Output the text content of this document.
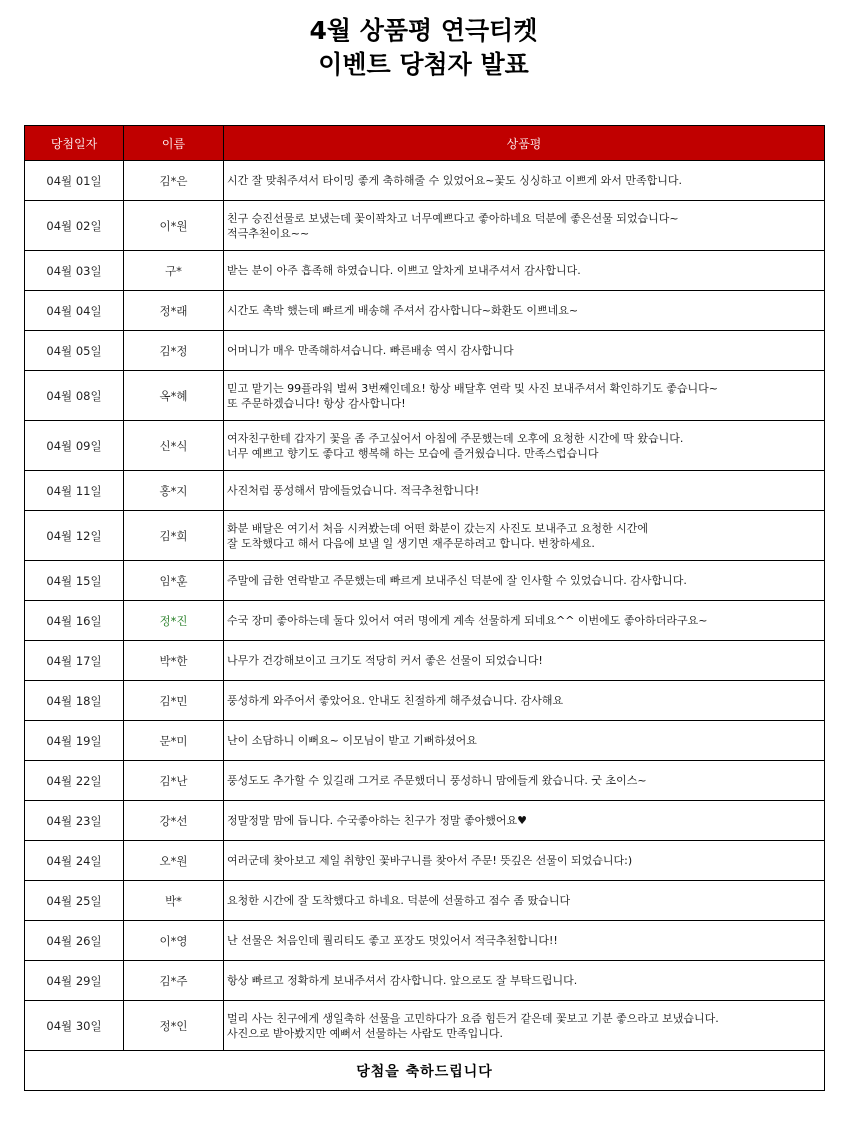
4월 상품평 연극티켓
이벤트 당첨자 발표
당첨일자	이름	상품평
04월 01일	김*은	시간 잘 맞춰주셔서 타이밍 좋게 축하해줄 수 있었어요~꽃도 싱싱하고 이쁘게 와서 만족합니다.

04월 02일	이*원	친구 승진선물로 보냈는데 꽃이꽉차고 너무예쁘다고 좋아하네요 덕분에 좋은선물 되었습니다~
적극추천이요~~

04월 03일	구*	받는 분이 아주 흡족해 하였습니다. 이쁘고 알차게 보내주셔서 감사합니다.

04월 04일	정*래	시간도 촉박 했는데 빠르게 배송해 주셔서 감사합니다~화환도 이쁘네요~

04월 05일	김*정	어머니가 매우 만족해하셔습니다. 빠른배송 역시 감사합니다

04월 08일	옥*혜	믿고 맡기는 99플라워 벌써 3번째인데요! 항상 배달후 연락 및 사진 보내주셔서 확인하기도 좋습니다~
또 주문하겠습니다! 항상 감사합니다!

04월 09일	신*식	여자친구한테 갑자기 꽃을 좀 주고싶어서 아침에 주문했는데 오후에 요청한 시간에 딱 왔습니다.
너무 예쁘고 향기도 좋다고 행복해 하는 모습에 즐거웠습니다. 만족스럽습니다

04월 11일	홍*지	사진처럼 풍성해서 맘에들었습니다. 적극추천합니다!

04월 12일	김*희	화분 배달은 여기서 처음 시켜봤는데 어떤 화분이 갔는지 사진도 보내주고 요청한 시간에
잘 도착했다고 해서 다음에 보낼 일 생기면 재주문하려고 합니다. 번창하세요.

04월 15일	임*훈	주말에 급한 연락받고 주문했는데 빠르게 보내주신 덕분에 잘 인사할 수 있었습니다. 감사합니다.

04월 16일	정*진	수국 장미 좋아하는데 둘다 있어서 여러 명에게 계속 선물하게 되네요^^ 이번에도 좋아하더라구요~

04월 17일	박*한	나무가 건강해보이고 크기도 적당히 커서 좋은 선물이 되었습니다!

04월 18일	김*민	풍성하게 와주어서 좋았어요. 안내도 친절하게 해주셨습니다. 감사해요

04월 19일	문*미	난이 소담하니 이뻐요~ 이모님이 받고 기뻐하셨어요

04월 22일	김*난	풍성도도 추가할 수 있길래 그거로 주문했더니 풍성하니 맘에들게 왔습니다. 굿 초이스~

04월 23일	강*선	정말정말 맘에 듭니다. 수국좋아하는 친구가 정말 좋아했어요♥

04월 24일	오*원	여러군데 찾아보고 제일 취향인 꽃바구니를 찾아서 주문! 뜻깊은 선물이 되었습니다:)

04월 25일	박*	요청한 시간에 잘 도착했다고 하네요. 덕분에 선물하고 점수 좀 땄습니다

04월 26일	이*영	난 선물은 처음인데 퀄리티도 좋고 포장도 멋있어서 적극추천합니다!!

04월 29일	김*주	항상 빠르고 정확하게 보내주셔서 감사합니다. 앞으로도 잘 부탁드립니다.

04월 30일	정*인	멀리 사는 친구에게 생일축하 선물을 고민하다가 요즘 힘든거 같은데 꽃보고 기분 좋으라고 보냈습니다.
사진으로 받아봤지만 예뻐서 선물하는 사람도 만족입니다.

당첨을 축하드립니다		
